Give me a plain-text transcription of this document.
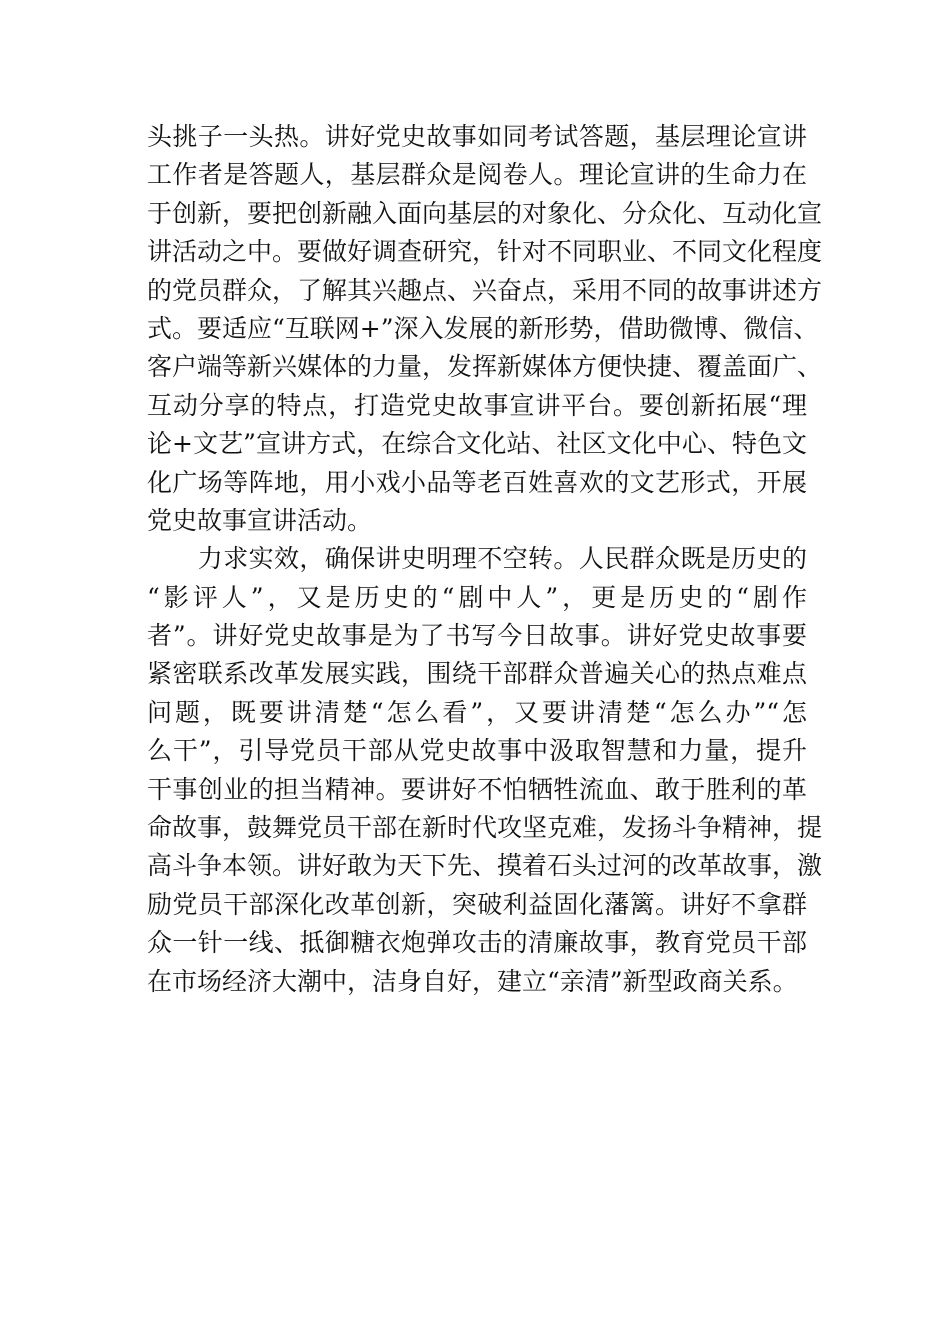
头挑子一头热。讲好党史故事如同考试答题，基层理论宣讲
工作者是答题人，基层群众是阅卷人。理论宣讲的生命力在
于创新，要把创新融入面向基层的对象化、分众化、互动化宣
讲活动之中。要做好调查研究，针对不同职业、不同文化程度
的党员群众，了解其兴趣点、兴奋点，采用不同的故事讲述方
式。要适应“互联网+”深入发展的新形势，借助微博、微信、
客户端等新兴媒体的力量，发挥新媒体方便快捷、覆盖面广、
互动分享的特点，打造党史故事宣讲平台。要创新拓展“理
论+文艺”宣讲方式，在综合文化站、社区文化中心、特色文
化广场等阵地，用小戏小品等老百姓喜欢的文艺形式，开展
党史故事宣讲活动。
　　力求实效，确保讲史明理不空转。人民群众既是历史的
“影评人”，又是历史的“剧中人”，更是历史的“剧作
者”。讲好党史故事是为了书写今日故事。讲好党史故事要
紧密联系改革发展实践，围绕干部群众普遍关心的热点难点
问题，既要讲清楚“怎么看”，又要讲清楚“怎么办”“怎
么干”，引导党员干部从党史故事中汲取智慧和力量，提升
干事创业的担当精神。要讲好不怕牺牲流血、敢于胜利的革
命故事，鼓舞党员干部在新时代攻坚克难，发扬斗争精神，提
高斗争本领。讲好敢为天下先、摸着石头过河的改革故事，激
励党员干部深化改革创新，突破利益固化藩篱。讲好不拿群
众一针一线、抵御糖衣炮弹攻击的清廉故事，教育党员干部
在市场经济大潮中，洁身自好，建立“亲清”新型政商关系。
